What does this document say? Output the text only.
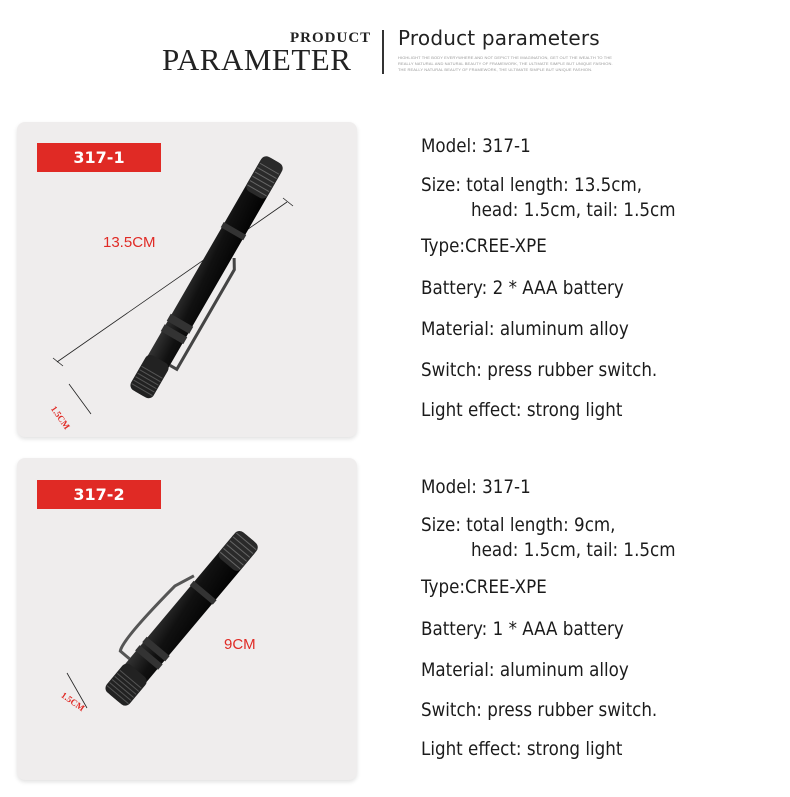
PRODUCT
PARAMETER
Product parameters
HIGHLIGHT THE BODY EVERYWHERE AND NOT DEPICT THE IMAGINATION, GET OUT THE WEALTH TO THE REALLY NATURAL AND NATURAL BEAUTY OF FRAMEWORK, THE ULTIMATE SIMPLE BUT UNIQUE FASHION. THE REALLY NATURAL BEAUTY OF FRAMEWORK, THE ULTIMATE SIMPLE BUT UNIQUE FASHION.
317-1
13.5CM
1.5CM
317-2
9CM
1.5CM
Model: 317-1
Size: total length: 13.5cm,
head: 1.5cm, tail: 1.5cm
Type:CREE-XPE
Battery: 2 * AAA battery
Material: aluminum alloy
Switch: press rubber switch.
Light effect: strong light
Model: 317-1
Size: total length: 9cm,
head: 1.5cm, tail: 1.5cm
Type:CREE-XPE
Battery: 1 * AAA battery
Material: aluminum alloy
Switch: press rubber switch.
Light effect: strong light
